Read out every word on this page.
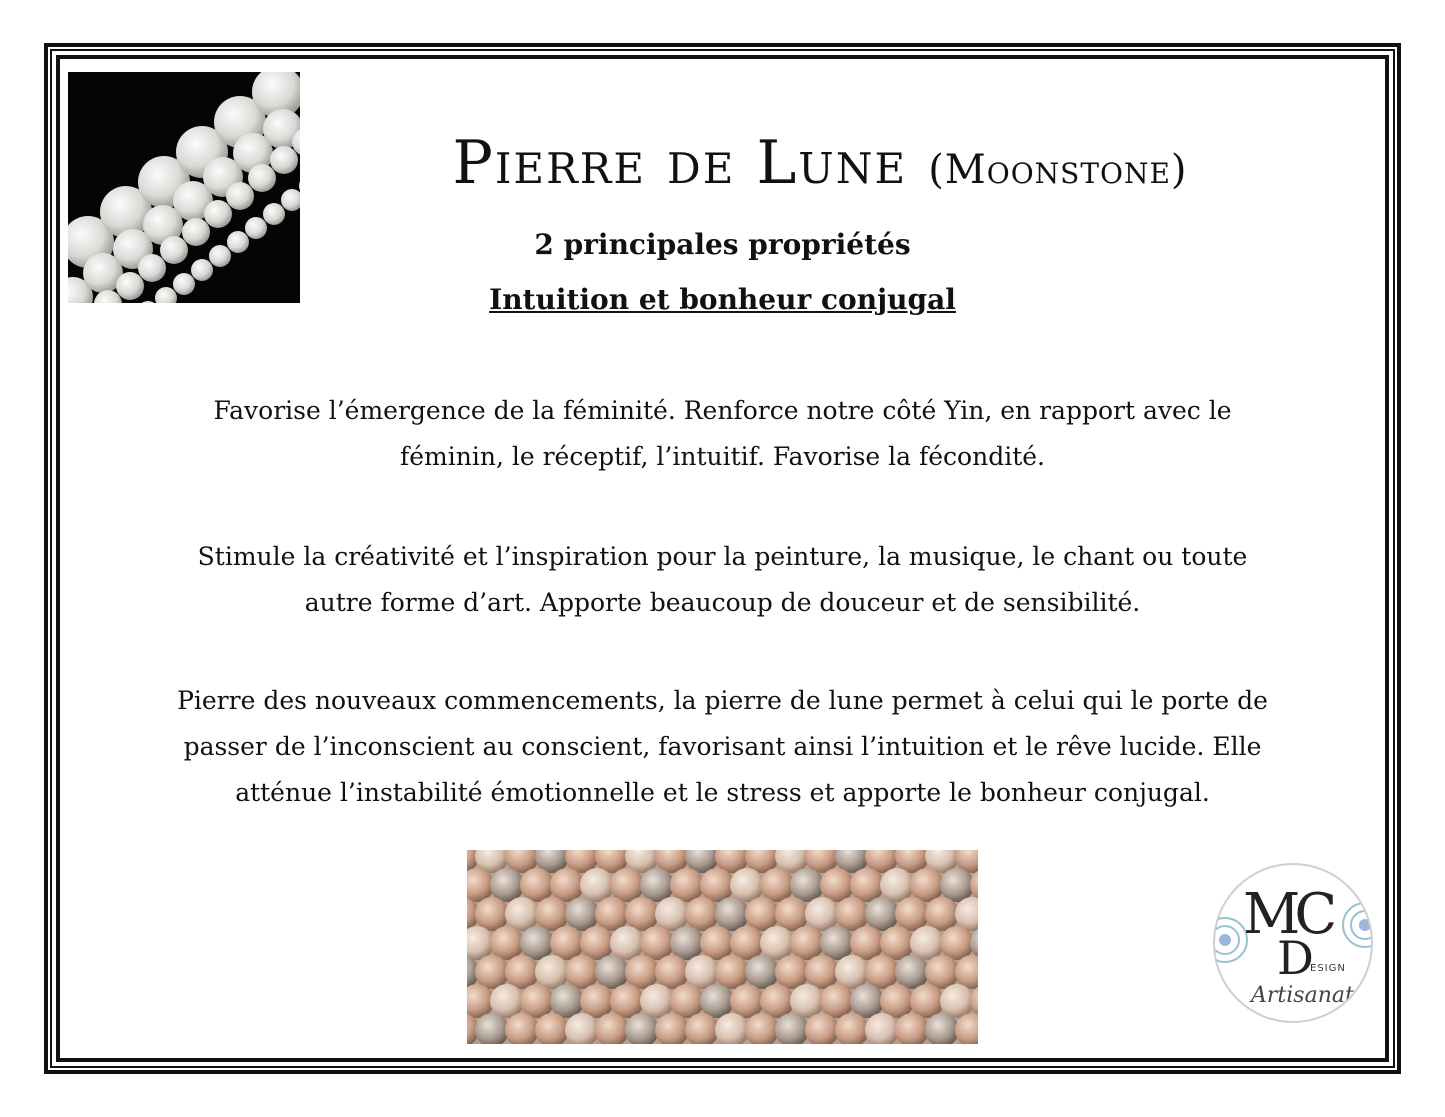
Pierre de Lune (Moonstone)
2 principales propriétés
Intuition et bonheur conjugal

Favorise l’émergence de la féminité. Renforce notre côté Yin, en rapport avec le

féminin, le réceptif, l’intuitif. Favorise la fécondité.

Stimule la créativité et l’inspiration pour la peinture, la musique, le chant ou toute

autre forme d’art. Apporte beaucoup de douceur et de sensibilité.

Pierre des nouveaux commencements, la pierre de lune permet à celui qui le porte de

passer de l’inconscient au conscient, favorisant ainsi l’intuition et le rêve lucide. Elle

atténue l’instabilité émotionnelle et le stress et apporte le bonheur conjugal.

MC
D
ESIGN
Artisanat
